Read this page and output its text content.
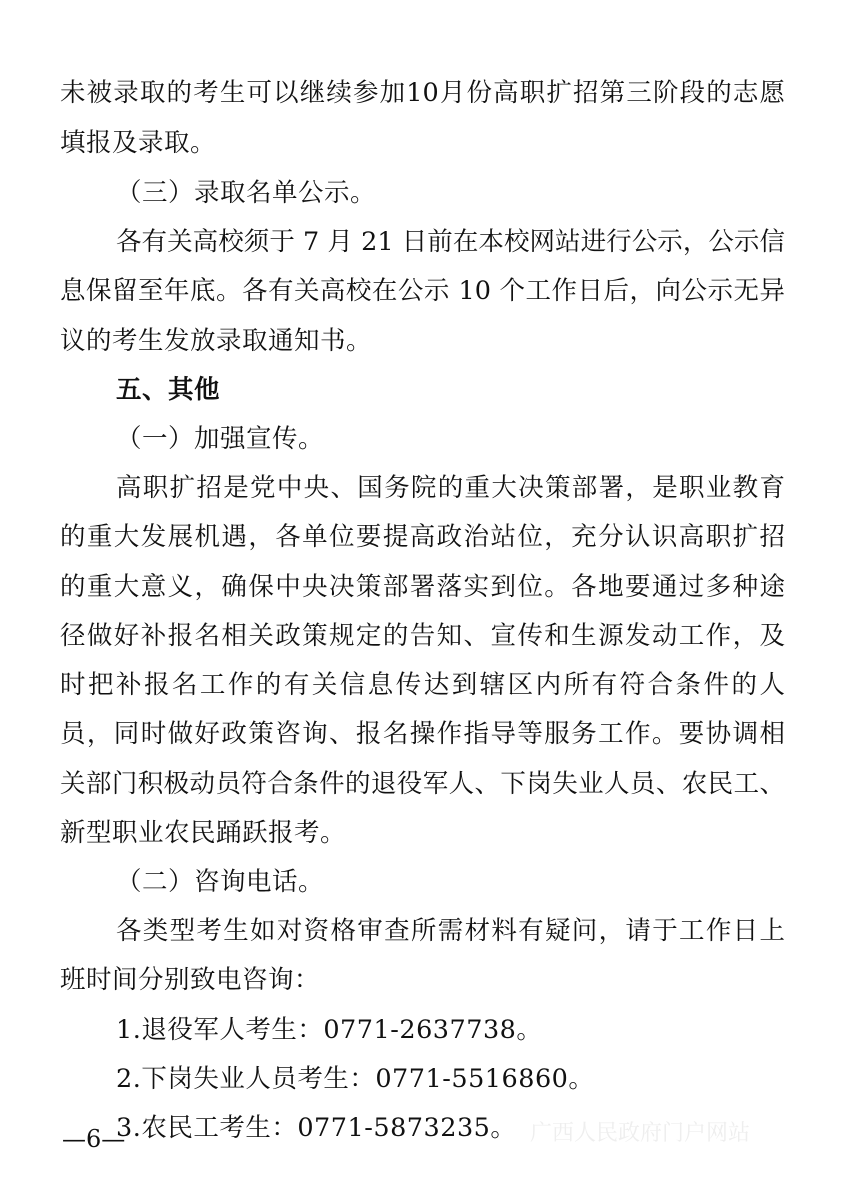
未被录取的考生可以继续参加10月份高职扩招第三阶段的志愿
填报及录取。
（三）录取名单公示。
各有关高校须于 7 月 21 日前在本校网站进行公示，公示信
息保留至年底。各有关高校在公示 10 个工作日后，向公示无异
议的考生发放录取通知书。
五、其他
（一）加强宣传。
高职扩招是党中央、国务院的重大决策部署，是职业教育
的重大发展机遇，各单位要提高政治站位，充分认识高职扩招
的重大意义，确保中央决策部署落实到位。各地要通过多种途
径做好补报名相关政策规定的告知、宣传和生源发动工作，及
时把补报名工作的有关信息传达到辖区内所有符合条件的人
员，同时做好政策咨询、报名操作指导等服务工作。要协调相
关部门积极动员符合条件的退役军人、下岗失业人员、农民工、
新型职业农民踊跃报考。
（二）咨询电话。
各类型考生如对资格审查所需材料有疑问，请于工作日上
班时间分别致电咨询：
1.退役军人考生：0771-2637738。
2.下岗失业人员考生：0771-5516860。
3.农民工考生：0771-5873235。
—6—	广西人民政府门户网站
